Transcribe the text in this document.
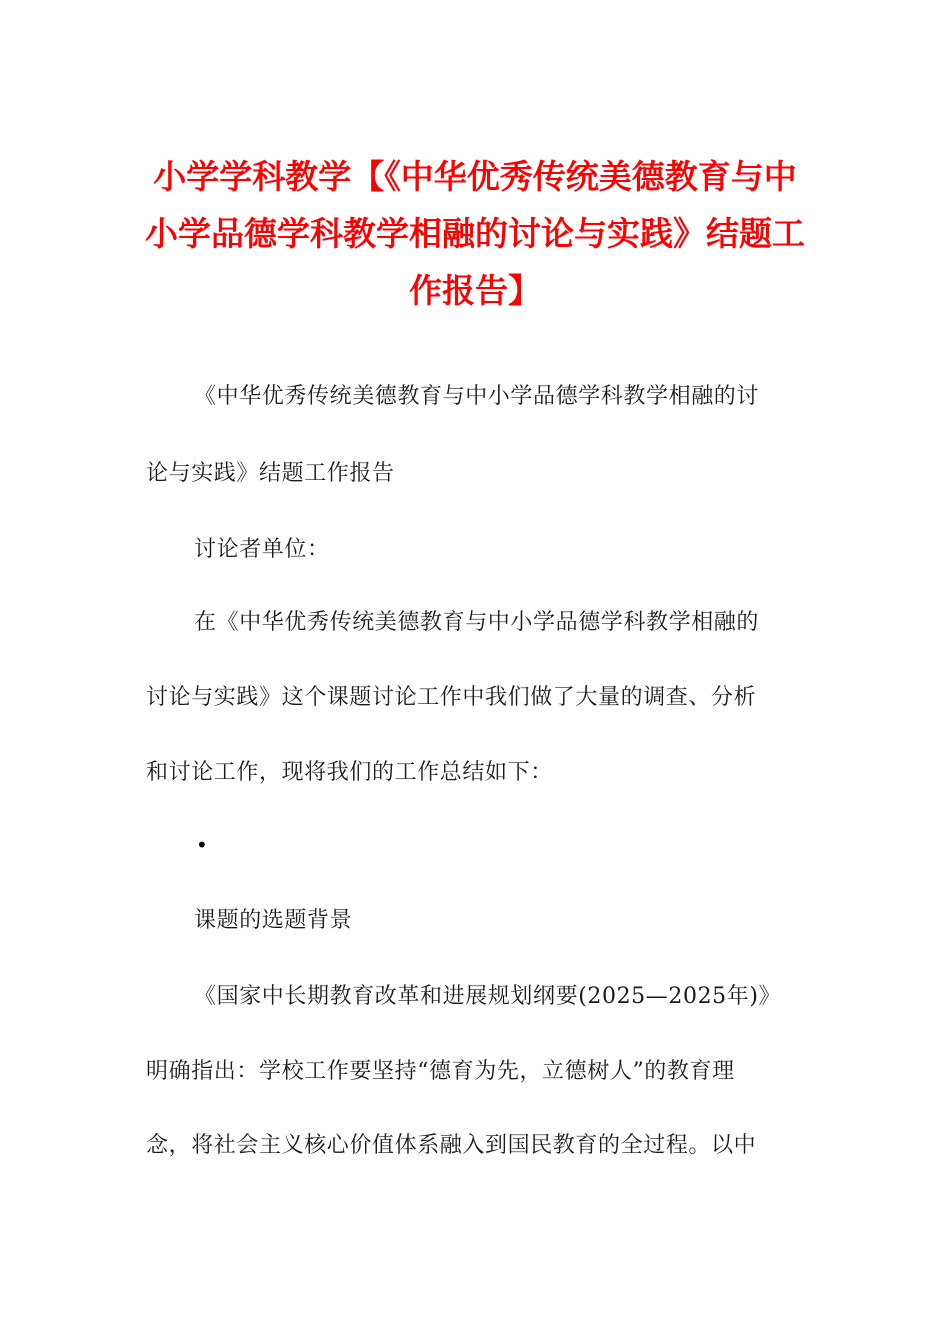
小学学科教学【《中华优秀传统美德教育与中小学品德学科教学相融的讨论与实践》结题工作报告】
《中华优秀传统美德教育与中小学品德学科教学相融的讨
论与实践》结题工作报告
讨论者单位：
在《中华优秀传统美德教育与中小学品德学科教学相融的
讨论与实践》这个课题讨论工作中我们做了大量的调查、分析
和讨论工作，现将我们的工作总结如下：
•
课题的选题背景
《国家中长期教育改革和进展规划纲要(2025—2025年)》
明确指出：学校工作要坚持“德育为先，立德树人”的教育理
念，将社会主义核心价值体系融入到国民教育的全过程。以中
